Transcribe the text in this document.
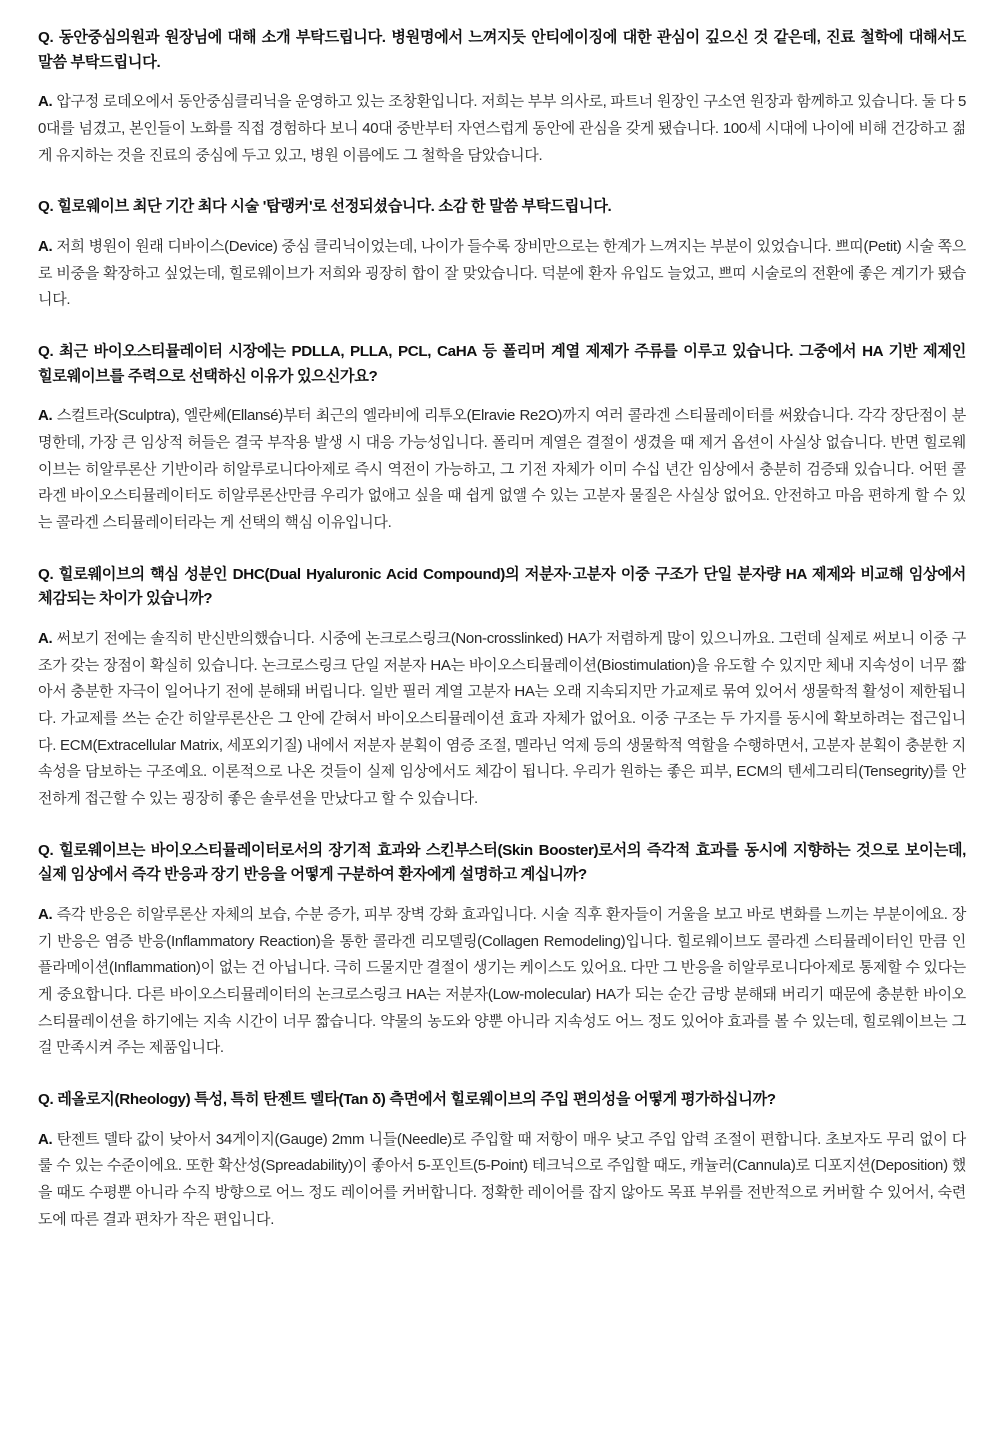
Q. 동안중심의원과 원장님에 대해 소개 부탁드립니다. 병원명에서 느껴지듯 안티에이징에 대한 관심이 깊으신 것 같은데, 진료 철학에 대해서도 말씀 부탁드립니다.

A. 압구정 로데오에서 동안중심클리닉을 운영하고 있는 조창환입니다. 저희는 부부 의사로, 파트너 원장인 구소연 원장과 함께하고 있습니다. 둘 다 50대를 넘겼고, 본인들이 노화를 직접 경험하다 보니 40대 중반부터 자연스럽게 동안에 관심을 갖게 됐습니다. 100세 시대에 나이에 비해 건강하고 젊게 유지하는 것을 진료의 중심에 두고 있고, 병원 이름에도 그 철학을 담았습니다.

Q. 힐로웨이브 최단 기간 최다 시술 '탑랭커'로 선정되셨습니다. 소감 한 말씀 부탁드립니다.

A. 저희 병원이 원래 디바이스(Device) 중심 클리닉이었는데, 나이가 들수록 장비만으로는 한계가 느껴지는 부분이 있었습니다. 쁘띠(Petit) 시술 쪽으로 비중을 확장하고 싶었는데, 힐로웨이브가 저희와 굉장히 합이 잘 맞았습니다. 덕분에 환자 유입도 늘었고, 쁘띠 시술로의 전환에 좋은 계기가 됐습니다.

Q. 최근 바이오스티뮬레이터 시장에는 PDLLA, PLLA, PCL, CaHA 등 폴리머 계열 제제가 주류를 이루고 있습니다. 그중에서 HA 기반 제제인 힐로웨이브를 주력으로 선택하신 이유가 있으신가요?

A. 스컬트라(Sculptra), 엘란쎄(Ellansé)부터 최근의 엘라비에 리투오(Elravie Re2O)까지 여러 콜라겐 스티뮬레이터를 써왔습니다. 각각 장단점이 분명한데, 가장 큰 임상적 허들은 결국 부작용 발생 시 대응 가능성입니다. 폴리머 계열은 결절이 생겼을 때 제거 옵션이 사실상 없습니다. 반면 힐로웨이브는 히알루론산 기반이라 히알루로니다아제로 즉시 역전이 가능하고, 그 기전 자체가 이미 수십 년간 임상에서 충분히 검증돼 있습니다. 어떤 콜라겐 바이오스티뮬레이터도 히알루론산만큼 우리가 없애고 싶을 때 쉽게 없앨 수 있는 고분자 물질은 사실상 없어요. 안전하고 마음 편하게 할 수 있는 콜라겐 스티뮬레이터라는 게 선택의 핵심 이유입니다.

Q. 힐로웨이브의 핵심 성분인 DHC(Dual Hyaluronic Acid Compound)의 저분자·고분자 이중 구조가 단일 분자량 HA 제제와 비교해 임상에서 체감되는 차이가 있습니까?

A. 써보기 전에는 솔직히 반신반의했습니다. 시중에 논크로스링크(Non-crosslinked) HA가 저렴하게 많이 있으니까요. 그런데 실제로 써보니 이중 구조가 갖는 장점이 확실히 있습니다. 논크로스링크 단일 저분자 HA는 바이오스티뮬레이션(Biostimulation)을 유도할 수 있지만 체내 지속성이 너무 짧아서 충분한 자극이 일어나기 전에 분해돼 버립니다. 일반 필러 계열 고분자 HA는 오래 지속되지만 가교제로 묶여 있어서 생물학적 활성이 제한됩니다. 가교제를 쓰는 순간 히알루론산은 그 안에 갇혀서 바이오스티뮬레이션 효과 자체가 없어요. 이중 구조는 두 가지를 동시에 확보하려는 접근입니다. ECM(Extracellular Matrix, 세포외기질) 내에서 저분자 분획이 염증 조절, 멜라닌 억제 등의 생물학적 역할을 수행하면서, 고분자 분획이 충분한 지속성을 담보하는 구조예요. 이론적으로 나온 것들이 실제 임상에서도 체감이 됩니다. 우리가 원하는 좋은 피부, ECM의 텐세그리티(Tensegrity)를 안전하게 접근할 수 있는 굉장히 좋은 솔루션을 만났다고 할 수 있습니다.

Q. 힐로웨이브는 바이오스티뮬레이터로서의 장기적 효과와 스킨부스터(Skin Booster)로서의 즉각적 효과를 동시에 지향하는 것으로 보이는데, 실제 임상에서 즉각 반응과 장기 반응을 어떻게 구분하여 환자에게 설명하고 계십니까?

A. 즉각 반응은 히알루론산 자체의 보습, 수분 증가, 피부 장벽 강화 효과입니다. 시술 직후 환자들이 거울을 보고 바로 변화를 느끼는 부분이에요. 장기 반응은 염증 반응(Inflammatory Reaction)을 통한 콜라겐 리모델링(Collagen Remodeling)입니다. 힐로웨이브도 콜라겐 스티뮬레이터인 만큼 인플라메이션(Inflammation)이 없는 건 아닙니다. 극히 드물지만 결절이 생기는 케이스도 있어요. 다만 그 반응을 히알루로니다아제로 통제할 수 있다는 게 중요합니다. 다른 바이오스티뮬레이터의 논크로스링크 HA는 저분자(Low-molecular) HA가 되는 순간 금방 분해돼 버리기 때문에 충분한 바이오스티뮬레이션을 하기에는 지속 시간이 너무 짧습니다. 약물의 농도와 양뿐 아니라 지속성도 어느 정도 있어야 효과를 볼 수 있는데, 힐로웨이브는 그걸 만족시켜 주는 제품입니다.

Q. 레올로지(Rheology) 특성, 특히 탄젠트 델타(Tan δ) 측면에서 힐로웨이브의 주입 편의성을 어떻게 평가하십니까?

A. 탄젠트 델타 값이 낮아서 34게이지(Gauge) 2mm 니들(Needle)로 주입할 때 저항이 매우 낮고 주입 압력 조절이 편합니다. 초보자도 무리 없이 다룰 수 있는 수준이에요. 또한 확산성(Spreadability)이 좋아서 5-포인트(5-Point) 테크닉으로 주입할 때도, 캐뉼러(Cannula)로 디포지션(Deposition) 했을 때도 수평뿐 아니라 수직 방향으로 어느 정도 레이어를 커버합니다. 정확한 레이어를 잡지 않아도 목표 부위를 전반적으로 커버할 수 있어서, 숙련도에 따른 결과 편차가 작은 편입니다.
